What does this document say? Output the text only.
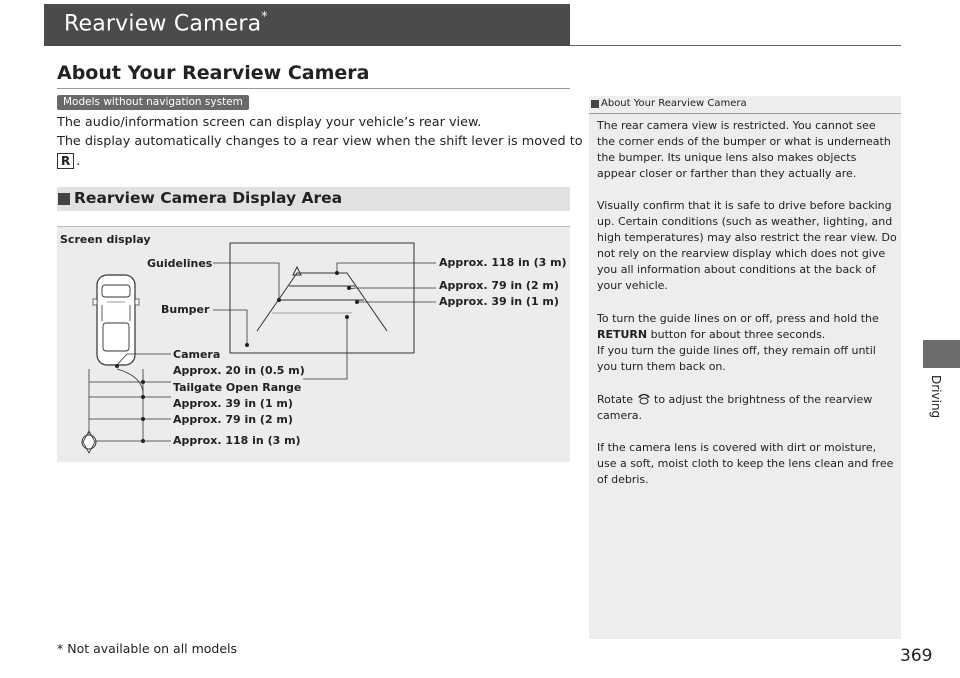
Rearview Camera*
About Your Rearview Camera
Models without navigation system
The audio/information screen can display your vehicle’s rear view.
The display automatically changes to a rear view when the shift lever is moved to
R .
Rearview Camera Display Area
Screen display
Guidelines
Bumper
Camera
Approx. 20 in (0.5 m)
Tailgate Open Range
Approx. 39 in (1 m)
Approx. 79 in (2 m)
Approx. 118 in (3 m)
Approx. 118 in (3 m)
Approx. 79 in (2 m)
Approx. 39 in (1 m)
About Your Rearview Camera
The rear camera view is restricted. You cannot see the corner ends of the bumper or what is underneath the bumper. Its unique lens also makes objects appear closer or farther than they actually are.
Visually confirm that it is safe to drive before backing up. Certain conditions (such as weather, lighting, and high temperatures) may also restrict the rear view. Do not rely on the rearview display which does not give you all information about conditions at the back of your vehicle.
To turn the guide lines on or off, press and hold the RETURN button for about three seconds.
If you turn the guide lines off, they remain off until you turn them back on.
Rotate to adjust the brightness of the rearview camera.
If the camera lens is covered with dirt or moisture, use a soft, moist cloth to keep the lens clean and free of debris.
Driving
* Not available on all models	369
